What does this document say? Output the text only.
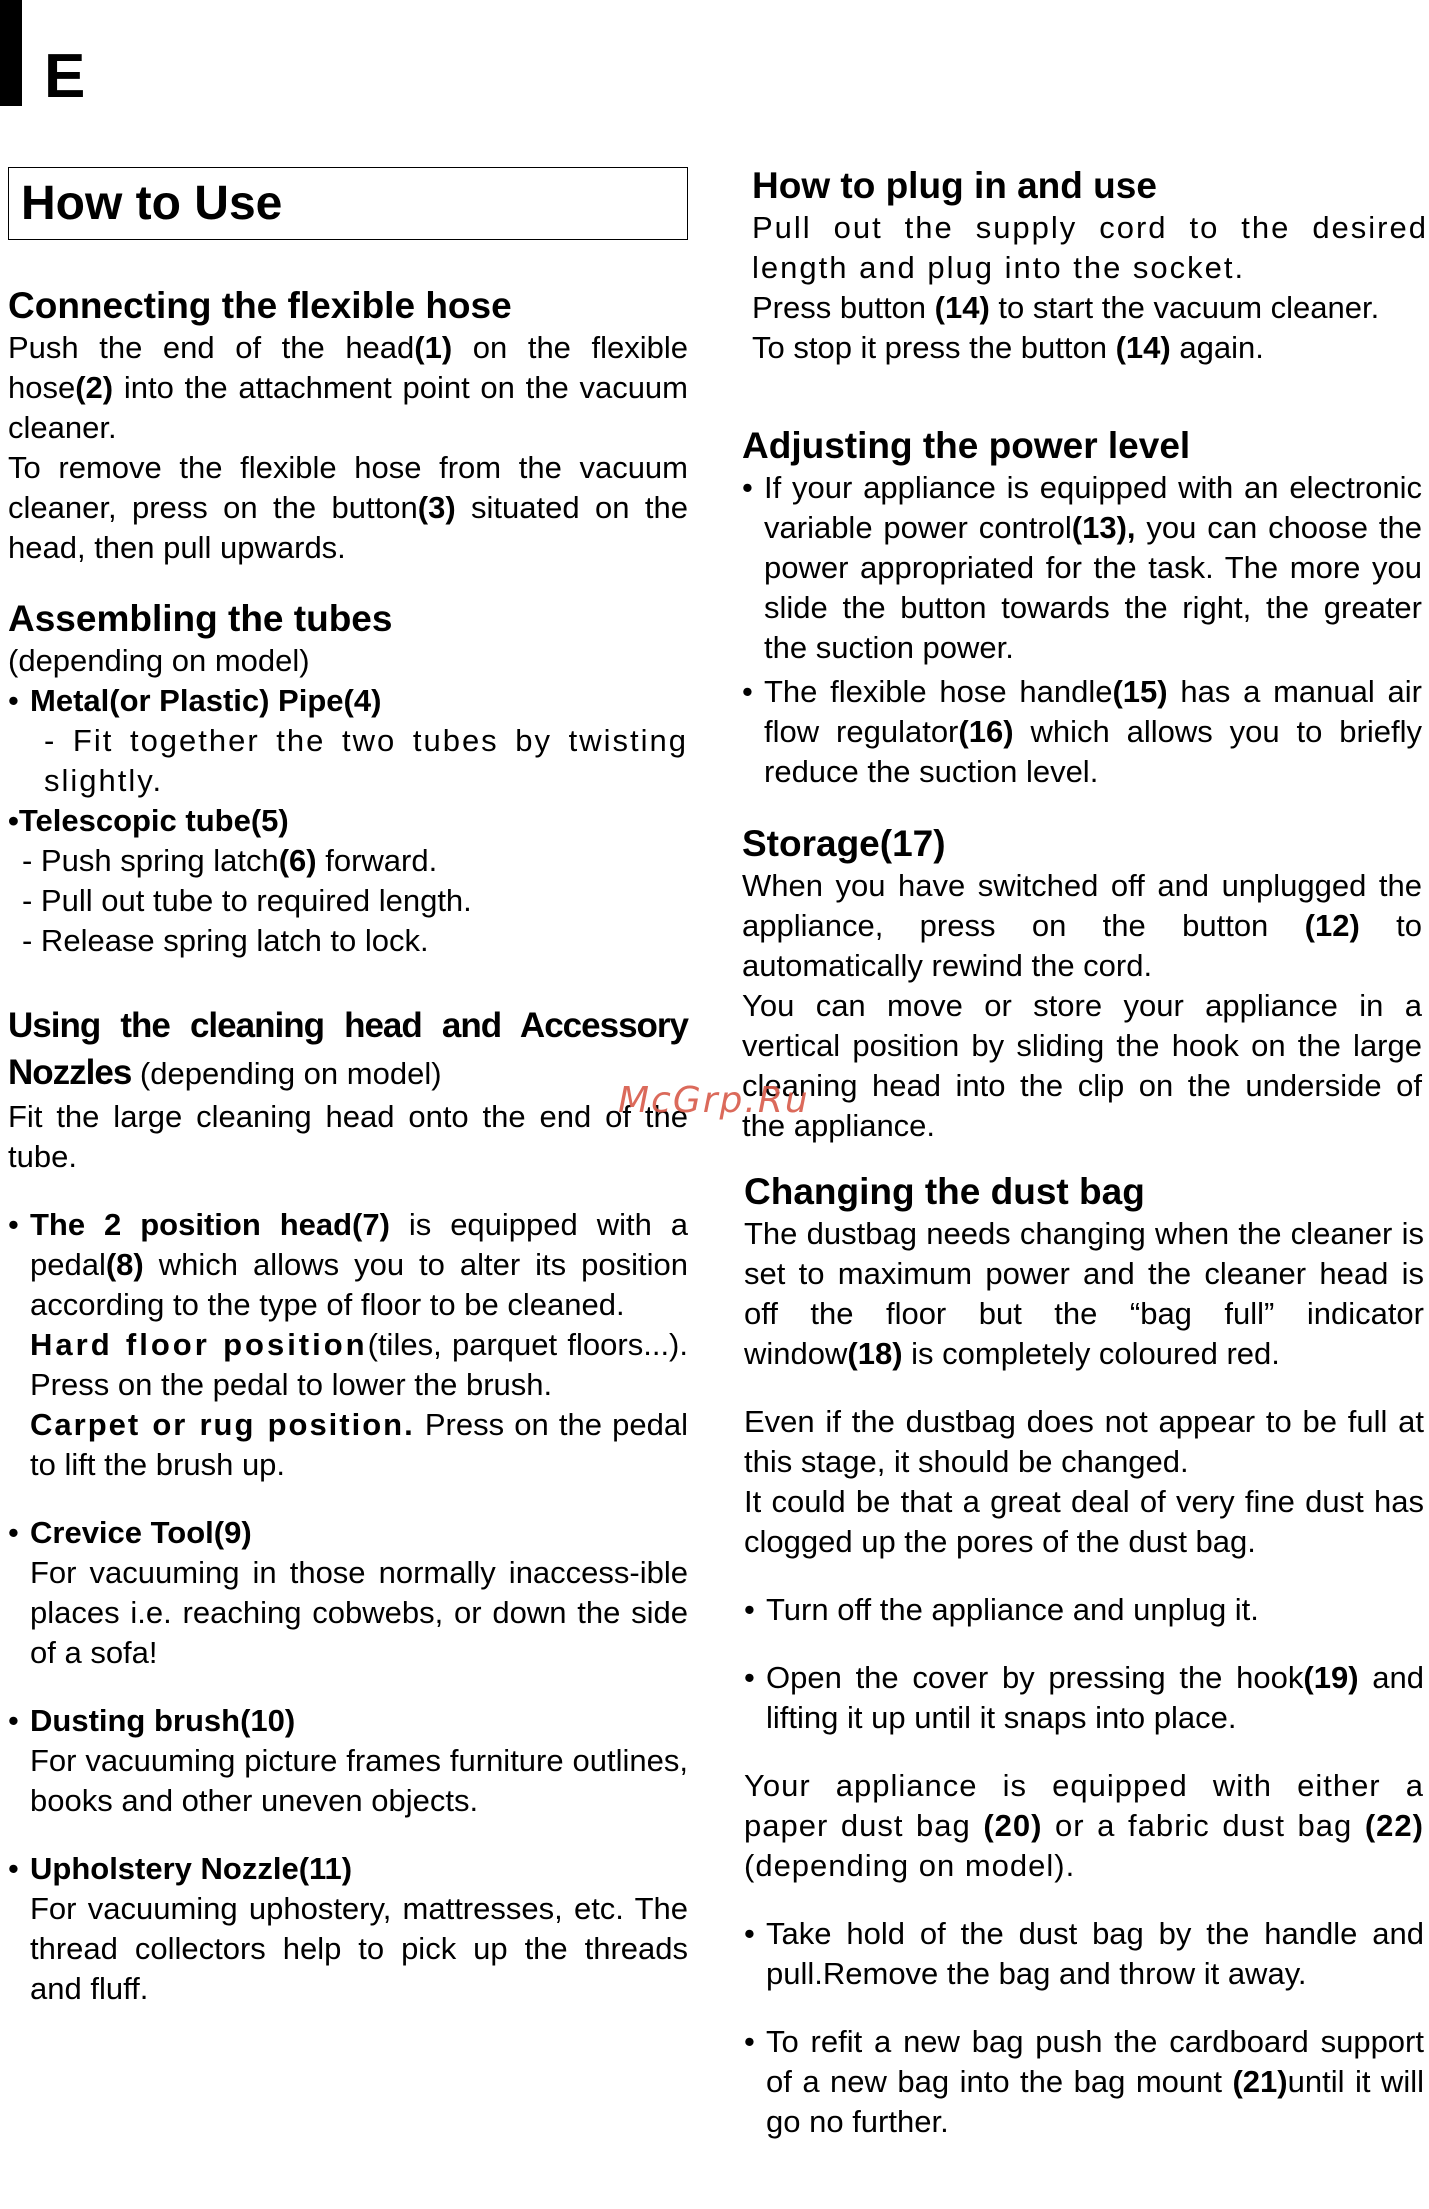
E
How to Use
Connecting the flexible hose

Push the end of the head(1) on the flexible hose(2) into the attachment point on the vacuum cleaner.

To remove the flexible hose from the vacuum cleaner, press on the button(3) situated on the head, then pull upwards.

Assembling the tubes

(depending on model)

• Metal(or Plastic) Pipe(4)

- Fit together the two tubes by twisting slightly.

•Telescopic tube(5)

- Push spring latch(6) forward.

- Pull out tube to required length.

- Release spring latch to lock.

Using the cleaning head and Accessory Nozzles (depending on model)

Fit the large cleaning head onto the end of the tube.

• The 2 position head(7) is equipped with a pedal(8) which allows you to alter its position according to the type of floor to be cleaned.

Hard floor position(tiles, parquet floors...). Press on the pedal to lower the brush.

Carpet or rug position. Press on the pedal to lift the brush up.

• Crevice Tool(9)

For vacuuming in those normally inaccess-ible places i.e. reaching cobwebs, or down the side of a sofa!

• Dusting brush(10)

For vacuuming picture frames furniture outlines, books and other uneven objects.

• Upholstery Nozzle(11)

For vacuuming uphostery, mattresses, etc. The thread collectors help to pick up the threads and fluff.

How to plug in and use

Pull out the supply cord to the desired length and plug into the socket.

Press button (14) to start the vacuum cleaner.

To stop it press the button (14) again.

Adjusting the power level

• If your appliance is equipped with an electronic variable power control(13), you can choose the power appropriated for the task. The more you slide the button towards the right, the greater the suction power.

• The flexible hose handle(15) has a manual air flow regulator(16) which allows you to briefly reduce the suction level.

Storage(17)

When you have switched off and unplugged the appliance, press on the button (12) to automatically rewind the cord.

You can move or store your appliance in a vertical position by sliding the hook on the large cleaning head into the clip on the underside of the appliance.

Changing the dust bag

The dustbag needs changing when the cleaner is set to maximum power and the cleaner head is off the floor but the “bag full” indicator window(18) is completely coloured red.

Even if the dustbag does not appear to be full at this stage, it should be changed.

It could be that a great deal of very fine dust has clogged up the pores of the dust bag.

• Turn off the appliance and unplug it.

• Open the cover by pressing the hook(19) and lifting it up until it snaps into place.

Your appliance is equipped with either a paper dust bag (20) or a fabric dust bag (22)(depending on model).

• Take hold of the dust bag by the handle and pull.Remove the bag and throw it away.

• To refit a new bag push the cardboard support of a new bag into the bag mount (21)until it will go no further.

McGrp.Ru
